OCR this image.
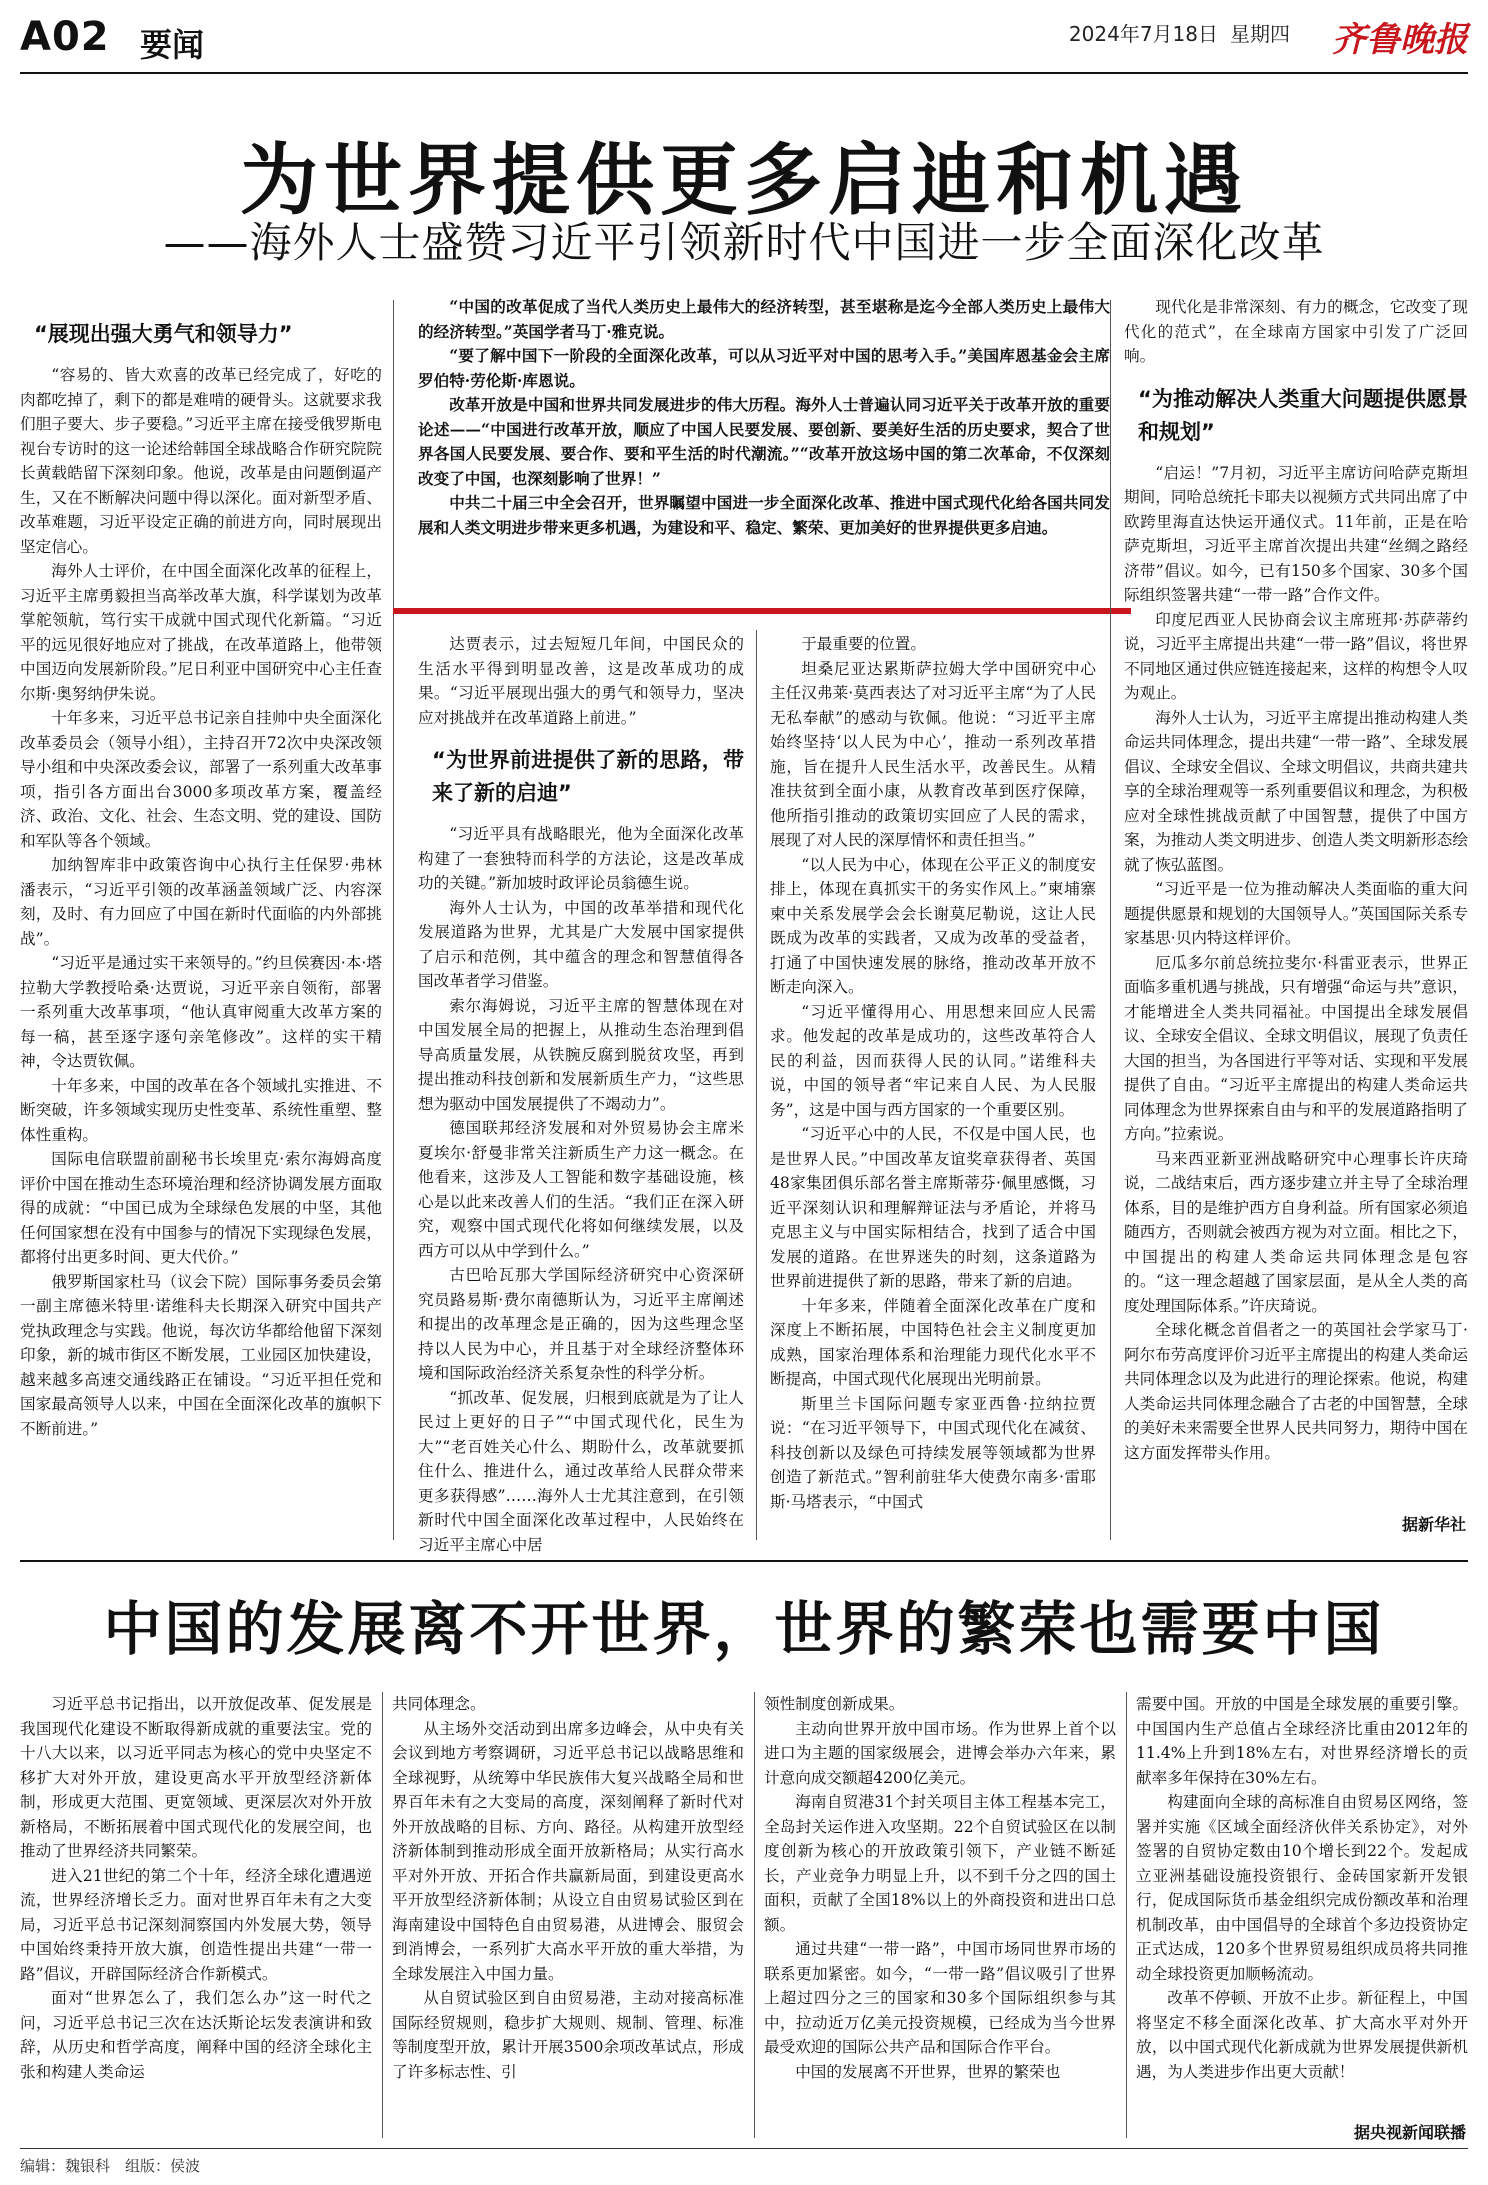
A02 要闻	2024年7月18日 星期四 齐鲁晚报
为世界提供更多启迪和机遇
——海外人士盛赞习近平引领新时代中国进一步全面深化改革
“展现出强大勇气和领导力”

“容易的、皆大欢喜的改革已经完成了，好吃的肉都吃掉了，剩下的都是难啃的硬骨头。这就要求我们胆子要大、步子要稳。”习近平主席在接受俄罗斯电视台专访时的这一论述给韩国全球战略合作研究院院长黄载皓留下深刻印象。他说，改革是由问题倒逼产生，又在不断解决问题中得以深化。面对新型矛盾、改革难题，习近平设定正确的前进方向，同时展现出坚定信心。

海外人士评价，在中国全面深化改革的征程上，习近平主席勇毅担当高举改革大旗，科学谋划为改革掌舵领航，笃行实干成就中国式现代化新篇。“习近平的远见很好地应对了挑战，在改革道路上，他带领中国迈向发展新阶段。”尼日利亚中国研究中心主任查尔斯·奥努纳伊朱说。

十年多来，习近平总书记亲自挂帅中央全面深化改革委员会（领导小组），主持召开72次中央深改领导小组和中央深改委会议，部署了一系列重大改革事项，指引各方面出台3000多项改革方案，覆盖经济、政治、文化、社会、生态文明、党的建设、国防和军队等各个领域。

加纳智库非中政策咨询中心执行主任保罗·弗林潘表示，“习近平引领的改革涵盖领域广泛、内容深刻，及时、有力回应了中国在新时代面临的内外部挑战”。

“习近平是通过实干来领导的。”约旦侯赛因·本·塔拉勒大学教授哈桑·达贾说，习近平亲自领衔，部署一系列重大改革事项，“他认真审阅重大改革方案的每一稿，甚至逐字逐句亲笔修改”。这样的实干精神，令达贾钦佩。

十年多来，中国的改革在各个领域扎实推进、不断突破，许多领域实现历史性变革、系统性重塑、整体性重构。

国际电信联盟前副秘书长埃里克·索尔海姆高度评价中国在推动生态环境治理和经济协调发展方面取得的成就：“中国已成为全球绿色发展的中坚，其他任何国家想在没有中国参与的情况下实现绿色发展，都将付出更多时间、更大代价。”

俄罗斯国家杜马（议会下院）国际事务委员会第一副主席德米特里·诺维科夫长期深入研究中国共产党执政理念与实践。他说，每次访华都给他留下深刻印象，新的城市街区不断发展，工业园区加快建设，越来越多高速交通线路正在铺设。“习近平担任党和国家最高领导人以来，中国在全面深化改革的旗帜下不断前进。”

“中国的改革促成了当代人类历史上最伟大的经济转型，甚至堪称是迄今全部人类历史上最伟大的经济转型。”英国学者马丁·雅克说。

“要了解中国下一阶段的全面深化改革，可以从习近平对中国的思考入手。”美国库恩基金会主席罗伯特·劳伦斯·库恩说。

改革开放是中国和世界共同发展进步的伟大历程。海外人士普遍认同习近平关于改革开放的重要论述——“中国进行改革开放，顺应了中国人民要发展、要创新、要美好生活的历史要求，契合了世界各国人民要发展、要合作、要和平生活的时代潮流。”“改革开放这场中国的第二次革命，不仅深刻改变了中国，也深刻影响了世界！”

中共二十届三中全会召开，世界瞩望中国进一步全面深化改革、推进中国式现代化给各国共同发展和人类文明进步带来更多机遇，为建设和平、稳定、繁荣、更加美好的世界提供更多启迪。

达贾表示，过去短短几年间，中国民众的生活水平得到明显改善，这是改革成功的成果。“习近平展现出强大的勇气和领导力，坚决应对挑战并在改革道路上前进。”

“为世界前进提供了新的思路，带来了新的启迪”

“习近平具有战略眼光，他为全面深化改革构建了一套独特而科学的方法论，这是改革成功的关键。”新加坡时政评论员翁德生说。

海外人士认为，中国的改革举措和现代化发展道路为世界，尤其是广大发展中国家提供了启示和范例，其中蕴含的理念和智慧值得各国改革者学习借鉴。

索尔海姆说，习近平主席的智慧体现在对中国发展全局的把握上，从推动生态治理到倡导高质量发展，从铁腕反腐到脱贫攻坚，再到提出推动科技创新和发展新质生产力，“这些思想为驱动中国发展提供了不竭动力”。

德国联邦经济发展和对外贸易协会主席米夏埃尔·舒曼非常关注新质生产力这一概念。在他看来，这涉及人工智能和数字基础设施，核心是以此来改善人们的生活。“我们正在深入研究，观察中国式现代化将如何继续发展，以及西方可以从中学到什么。”

古巴哈瓦那大学国际经济研究中心资深研究员路易斯·费尔南德斯认为，习近平主席阐述和提出的改革理念是正确的，因为这些理念坚持以人民为中心，并且基于对全球经济整体环境和国际政治经济关系复杂性的科学分析。

“抓改革、促发展，归根到底就是为了让人民过上更好的日子”“中国式现代化，民生为大”“老百姓关心什么、期盼什么，改革就要抓住什么、推进什么，通过改革给人民群众带来更多获得感”……海外人士尤其注意到，在引领新时代中国全面深化改革过程中，人民始终在习近平主席心中居

于最重要的位置。

坦桑尼亚达累斯萨拉姆大学中国研究中心主任汉弗莱·莫西表达了对习近平主席“为了人民无私奉献”的感动与钦佩。他说：“习近平主席始终坚持‘以人民为中心’，推动一系列改革措施，旨在提升人民生活水平，改善民生。从精准扶贫到全面小康，从教育改革到医疗保障，他所指引推动的政策切实回应了人民的需求，展现了对人民的深厚情怀和责任担当。”

“以人民为中心，体现在公平正义的制度安排上，体现在真抓实干的务实作风上。”柬埔寨柬中关系发展学会会长谢莫尼勒说，这让人民既成为改革的实践者，又成为改革的受益者，打通了中国快速发展的脉络，推动改革开放不断走向深入。

“习近平懂得用心、用思想来回应人民需求。他发起的改革是成功的，这些改革符合人民的利益，因而获得人民的认同。”诺维科夫说，中国的领导者“牢记来自人民、为人民服务”，这是中国与西方国家的一个重要区别。

“习近平心中的人民，不仅是中国人民，也是世界人民。”中国改革友谊奖章获得者、英国48家集团俱乐部名誉主席斯蒂芬·佩里感慨，习近平深刻认识和理解辩证法与矛盾论，并将马克思主义与中国实际相结合，找到了适合中国发展的道路。在世界迷失的时刻，这条道路为世界前进提供了新的思路，带来了新的启迪。

十年多来，伴随着全面深化改革在广度和深度上不断拓展，中国特色社会主义制度更加成熟，国家治理体系和治理能力现代化水平不断提高，中国式现代化展现出光明前景。

斯里兰卡国际问题专家亚西鲁·拉纳拉贾说：“在习近平领导下，中国式现代化在减贫、科技创新以及绿色可持续发展等领域都为世界创造了新范式。”智利前驻华大使费尔南多·雷耶斯·马塔表示，“中国式

现代化是非常深刻、有力的概念，它改变了现代化的范式”，在全球南方国家中引发了广泛回响。

“为推动解决人类重大问题提供愿景和规划”

“启运！”7月初，习近平主席访问哈萨克斯坦期间，同哈总统托卡耶夫以视频方式共同出席了中欧跨里海直达快运开通仪式。11年前，正是在哈萨克斯坦，习近平主席首次提出共建“丝绸之路经济带”倡议。如今，已有150多个国家、30多个国际组织签署共建“一带一路”合作文件。

印度尼西亚人民协商会议主席班邦·苏萨蒂约说，习近平主席提出共建“一带一路”倡议，将世界不同地区通过供应链连接起来，这样的构想令人叹为观止。

海外人士认为，习近平主席提出推动构建人类命运共同体理念，提出共建“一带一路”、全球发展倡议、全球安全倡议、全球文明倡议，共商共建共享的全球治理观等一系列重要倡议和理念，为积极应对全球性挑战贡献了中国智慧，提供了中国方案，为推动人类文明进步、创造人类文明新形态绘就了恢弘蓝图。

“习近平是一位为推动解决人类面临的重大问题提供愿景和规划的大国领导人。”英国国际关系专家基思·贝内特这样评价。

厄瓜多尔前总统拉斐尔·科雷亚表示，世界正面临多重机遇与挑战，只有增强“命运与共”意识，才能增进全人类共同福祉。中国提出全球发展倡议、全球安全倡议、全球文明倡议，展现了负责任大国的担当，为各国进行平等对话、实现和平发展提供了自由。“习近平主席提出的构建人类命运共同体理念为世界探索自由与和平的发展道路指明了方向。”拉索说。

马来西亚新亚洲战略研究中心理事长许庆琦说，二战结束后，西方逐步建立并主导了全球治理体系，目的是维护西方自身利益。所有国家必须追随西方，否则就会被西方视为对立面。相比之下，中国提出的构建人类命运共同体理念是包容的。“这一理念超越了国家层面，是从全人类的高度处理国际体系。”许庆琦说。

全球化概念首倡者之一的英国社会学家马丁·阿尔布劳高度评价习近平主席提出的构建人类命运共同体理念以及为此进行的理论探索。他说，构建人类命运共同体理念融合了古老的中国智慧，全球的美好未来需要全世界人民共同努力，期待中国在这方面发挥带头作用。

据新华社
中国的发展离不开世界，世界的繁荣也需要中国

习近平总书记指出，以开放促改革、促发展是我国现代化建设不断取得新成就的重要法宝。党的十八大以来，以习近平同志为核心的党中央坚定不移扩大对外开放，建设更高水平开放型经济新体制，形成更大范围、更宽领域、更深层次对外开放新格局，不断拓展着中国式现代化的发展空间，也推动了世界经济共同繁荣。

进入21世纪的第二个十年，经济全球化遭遇逆流，世界经济增长乏力。面对世界百年未有之大变局，习近平总书记深刻洞察国内外发展大势，领导中国始终秉持开放大旗，创造性提出共建“一带一路”倡议，开辟国际经济合作新模式。

面对“世界怎么了，我们怎么办”这一时代之问，习近平总书记三次在达沃斯论坛发表演讲和致辞，从历史和哲学高度，阐释中国的经济全球化主张和构建人类命运

共同体理念。

从主场外交活动到出席多边峰会，从中央有关会议到地方考察调研，习近平总书记以战略思维和全球视野，从统筹中华民族伟大复兴战略全局和世界百年未有之大变局的高度，深刻阐释了新时代对外开放战略的目标、方向、路径。从构建开放型经济新体制到推动形成全面开放新格局；从实行高水平对外开放、开拓合作共赢新局面，到建设更高水平开放型经济新体制；从设立自由贸易试验区到在海南建设中国特色自由贸易港，从进博会、服贸会到消博会，一系列扩大高水平开放的重大举措，为全球发展注入中国力量。

从自贸试验区到自由贸易港，主动对接高标准国际经贸规则，稳步扩大规则、规制、管理、标准等制度型开放，累计开展3500余项改革试点，形成了许多标志性、引

领性制度创新成果。

主动向世界开放中国市场。作为世界上首个以进口为主题的国家级展会，进博会举办六年来，累计意向成交额超4200亿美元。

海南自贸港31个封关项目主体工程基本完工，全岛封关运作进入攻坚期。22个自贸试验区在以制度创新为核心的开放政策引领下，产业链不断延长，产业竞争力明显上升，以不到千分之四的国土面积，贡献了全国18%以上的外商投资和进出口总额。

通过共建“一带一路”，中国市场同世界市场的联系更加紧密。如今，“一带一路”倡议吸引了世界上超过四分之三的国家和30多个国际组织参与其中，拉动近万亿美元投资规模，已经成为当今世界最受欢迎的国际公共产品和国际合作平台。

中国的发展离不开世界，世界的繁荣也

需要中国。开放的中国是全球发展的重要引擎。中国国内生产总值占全球经济比重由2012年的11.4%上升到18%左右，对世界经济增长的贡献率多年保持在30%左右。

构建面向全球的高标准自由贸易区网络，签署并实施《区域全面经济伙伴关系协定》，对外签署的自贸协定数由10个增长到22个。发起成立亚洲基础设施投资银行、金砖国家新开发银行，促成国际货币基金组织完成份额改革和治理机制改革，由中国倡导的全球首个多边投资协定正式达成，120多个世界贸易组织成员将共同推动全球投资更加顺畅流动。

改革不停顿、开放不止步。新征程上，中国将坚定不移全面深化改革、扩大高水平对外开放，以中国式现代化新成就为世界发展提供新机遇，为人类进步作出更大贡献！

据央视新闻联播
编辑：魏银科　组版：侯波
